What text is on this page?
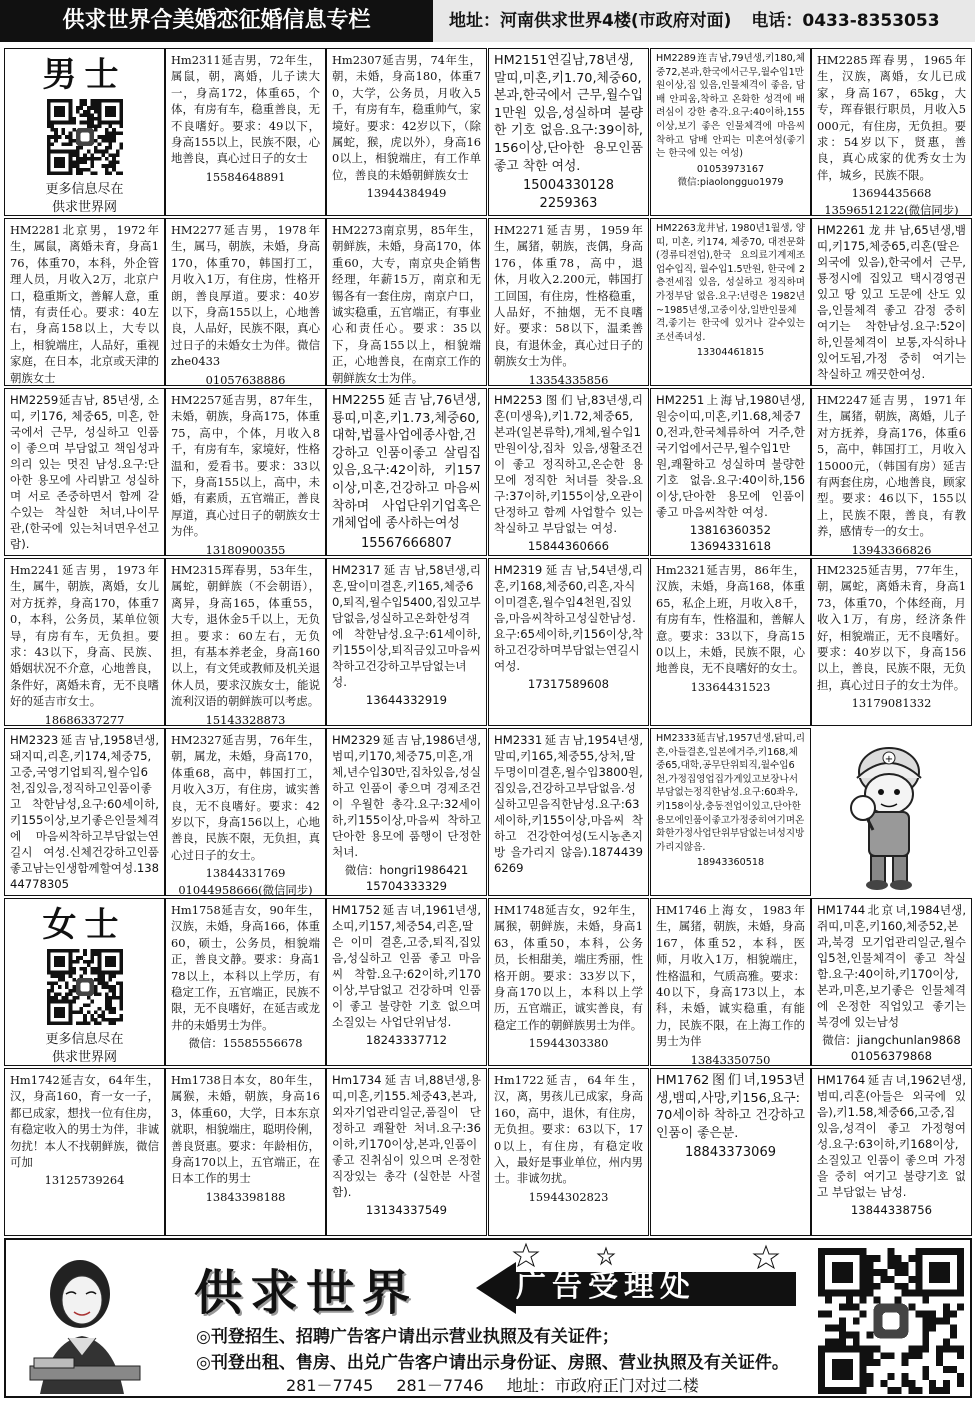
供求世界合美婚恋征婚信息专栏	地址：河南供求世界4楼(市政府对面) 电话：0433-8353053
男士
更多信息尽在
供求世界网
Hm2311延吉男，72年生，属鼠，朝，离婚，儿子读大一，身高172，体重65，个体，有房有车，稳重善良，无不良嗜好。要求：49以下，身高155以上，民族不限，心地善良，真心过日子的女士
15584648891
Hm2307延吉男，74年生，朝，未婚，身高180，体重70，大学，公务员，月收入5千，有房有车，稳重帅气，家境好。要求：42岁以下，（除属蛇，猴，虎以外），身高160以上，相貌端庄，有工作单位，善良的未婚朝鲜族女士
13944384949
HM2151연길남,78년생,말띠,미혼,키1.70,체중60,본과,한국에서 근무,월수입1만원 있음,성실하며 불량한 기호 없음.요구:39이하,156이상,단아한 용모인품 좋고 착한 여성.
15004330128
2259363
HM2289连吉남,79년생,키180,체중72,본과,한국에서근무,월수입1만원이상,집 있음,인물체격이 좋음, 담배 안피움,착하고 온화한 성격에 배려심이 강한 총각.요구:40이하,155이상,보기 좋은 인물체격에 마음씨착하고 담배 안피는 미혼여성(좋기는 한국에 있는 여성)
01053973167
微信:piaolongguo1979
HM2285珲春男，1965年生，汉族，离婚，女儿已成家，身高167，65kg，大专，珲春银行职员，月收入5000元，有住房，无负担。要求：54岁以下，贤惠，善良，真心成家的优秀女士为伴，城乡，民族不限。
13694435668
13596512122(微信同步)
HM2281北京男，1972年生，属鼠，离婚未育，身高176，体重70，本科，外企管理人员，月收入2万，北京户口，稳重斯文，善解人意，重情，有责任心。要求：40左右，身高158以上，大专以上，相貌端庄，人品好，重视家庭，在日本，北京或天津的朝族女士
HM2277延吉男，1978年生，属马，朝族，未婚，身高170，体重70，韩国打工，月收入1万，有住房，性格开朗，善良厚道。要求：40岁以下，身高155以上，心地善良，人品好，民族不限，真心过日子的未婚女士为伴。微信zhe0433
01057638886
HM2273南京男，85年生，朝鲜族，未婚，身高170，体重60，大专，南京央企销售经理，年薪15万，南京和无锡各有一套住房，南京户口，诚实稳重，五官端正，有事业心和责任心。要求：35以下，身高155以上，相貌端正，心地善良，在南京工作的朝鲜族女士为伴。
HM2271延吉男，1959年生，属猪，朝族，丧偶，身高176，体重78，高中，退休，月收入2.200元，韩国打工回国，有住房，性格稳重，人品好，不抽烟，无不良嗜好。要求：58以下，温柔善良，有退休金，真心过日子的朝族女士为伴。
13354335856
HM2263龙井남, 1980년1월생, 양띠, 미혼, 키174, 체중70, 대전문화(경류티전업),한국 요의료기계제조업수입직, 월수입1.5만원, 한국에 2층전세집 있음, 성실하고 정직하며 가정부담 없음.요구:년령은 1982년~1985년생,고중이상,일반인물체격,좋기는 한국에 있거나 갈수있는 조선족녀성.
13304461815
HM2261龙井남,65년생,뱀띠,키175,체중65,리혼(딸은 외국에 있음),한국에서 근무,룡정시에 집있고 택시경영권 있고 땅 있고 도문에 산도 있음,인물체격 좋고 감정 중히 여기는 착한남성.요구:52이하,인물체격이 보통,자식하나 있어도됨,가정 중히 여기는 착실하고 깨끗한여성.
HM2259延吉남, 85년생, 소띠, 키176, 체중65, 미혼, 한국에서 근무, 성실하고 인품이 좋으며 부담없고 책임성과의리 있는 멋진 남성.요구:단아한 용모에 사리밝고 성실하며 서로 존중하면서 함께 갈수있는 착실한 처녀,나이무관,(한국에 있는처녀면우선고람).
HM2257延吉男，87年生，未婚，朝族，身高175，体重75，高中，个体，月收入8千，有房有车，家境好，性格温和，爱看书。要求：33以下，身高155以上，高中，未婚，有素质，五官端正，善良厚道，真心过日子的朝族女士为伴。
13180900355
HM2255延吉남,76년생,룡띠,미혼,키1.73,체중60,대학,법률사업에종사함,건강하고 인품이좋고 살림집 있음,요구:42이하, 키157이상,미혼,건강하고 마음씨 착하며 사업단위기업혹은개체업에 종사하는여성
15567666807
HM2253图们남,83년생,리혼(미생육),키1.72,체중65,본과(일본류학),개체,월수입1만원이상,집차 있음,생활조건이 좋고 정직하고,온순한 용모에 정직한 처녀를 찾음.요구:37이하,키155이상,오관이 단정하고 함께 사업할수 있는 착실하고 부담없는 여성.
15844360666
HM2251上海남,1980년생,원숭이띠,미혼,키1.68,체중70,전과,한국체류하여 거주,한국기업에서근무,월수입1만원,쾌활하고 성실하며 불량한 기호 없음.요구:40이하,156이상,단아한 용모에 인품이 좋고 마음씨착한 여성.
13816360352
13694331618
HM2247延吉男，1971年生，属猪，朝族，离婚，儿子对方抚养，身高176，体重65，高中，韩国打工，月收入15000元，（韩国有房）延吉有两套住房，心地善良，顾家型。要求：46以下，155以上，民族不限，善良，有教养，感情专一的女士。
13943366826
Hm2241延吉男，1973年生，属牛，朝族，离婚，女儿对方抚养，身高170，体重70，本科，公务员，某单位领导，有房有车，无负担。要求：43以下，身高、民族、婚姻状况不介意，心地善良，条件好，离婚未育，无不良嗜好的延吉市女士。
18686337277
HM2315珲春男，53年生，属蛇，朝鲜族（不会朝语），离异，身高165，体重55，大专，退休金5千以上，无负担。要求：60左右，无负担，有基本养老金，身高160以上，有文凭或教师及机关退休人员，要求汉族女士，能说流利汉语的朝鲜族可以考虑。
15143328873
HM2317延吉남,58년생,리혼,딸이미결혼,키165,체중60,퇴직,월수입5400,집있고부담없음,성실하고온화한성격에 착한남성.요구:61세이하,키155이상,퇴직금있고마음씨착하고건강하고부담없는녀성.
13644332919
HM2319延吉남,54년생,리혼,키168,체중60,리혼,자식이미결혼,월수입4천원,집있음,마음씨착하고성실한남성.요구:65세이하,키156이상,착하고건강하며부담없는연길시여성.
17317589608
Hm2321延吉男，86年生，汉族，未婚，身高168，体重65，私企上班，月收入8千，有房有车，性格温和，善解人意。要求：33以下，身高150以上，未婚，民族不限，心地善良，无不良嗜好的女士。
13364431523
HM2325延吉男，77年生，朝，属蛇，离婚未育，身高173，体重70，个体经商，月收入1万，有房，经济条件好，相貌端正，无不良嗜好。要求：40岁以下，身高156以上，善良，民族不限，无负担，真心过日子的女士为伴。
13179081332
HM2323延吉남,1958년생,돼지띠,리혼,키174,체중75,고중,국영기업퇴직,월수입6천,집있음,정직하고인품이좋고 착한남성,요구:60세이하,키155이상,보기좋은인물체격에 마음씨착하고부담없는연길시 여성.신체건강하고인품좋고남는인생함께할여성.13844778305
HM2327延吉男，76年生，朝，属龙，未婚，身高170，体重68，高中，韩国打工，月收入3万，有住房，诚实善良，无不良嗜好。要求：42岁以下，身高156以上，心地善良，民族不限，无负担，真心过日子的女士。
13844331769
01044958666(微信同步)
HM2329延吉남,1986년생,범띠,키170,체중75,미혼,개체,년수입30만,집차있음,성실하고 인품이 좋으며 경제조건이 우월한 총각.요구:32세이하,키155이상,마음씨 착하고 단아한 용모에 품행이 단정한 처녀.
微信：hongri1986421
15704333329
HM2331延吉남,1954년생,말띠,키165,체중55,상처,딸두명이미결혼,월수입3800원,집있음,건강하고부담없음.성실하고믿음직한남성.요구:63세이하,키155이상,마음씨 착하고 건강한여성(도시농촌지방 을가리지 않음).18744396269
HM2333延吉남,1957년생,닭띠,리혼,아들결혼,일본에거주,키168,체중65,대학,공무단위퇴직,월수입6천,가정집영업집가게있고보장나서부담없는정직한남성.요구:60좌우,키158이상,충동전업이있고,단아한용모에인품이좋고가정중히여기며온화한가정사업단위부담없는녀성지방가리지않음.
18943360518
+
女士
更多信息尽在
供求世界网
Hm1758延吉女，90年生，汉族，未婚，身高166，体重60，硕士，公务员，相貌端正，善良文静。要求：身高178以上，本科以上学历，有稳定工作，五官端正，民族不限，无不良嗜好，在延吉或龙井的未婚男士为伴。
微信：15585556678
HM1752延吉녀,1961년생,소띠,키157,체중54,리혼,딸은 이미 결혼,고중,퇴직,집있음,성실하고 인품 좋고 마음씨 착함.요구:62이하,키170이상,부담없고 건강하며 인품이 좋고 불량한 기호 없으며 소질있는 사업단위남성.
18243337712
HM1748延吉女，92年生，属猴，朝鲜族，未婚，身高163，体重50，本科，公务员，长相甜美，端庄秀丽，性格开朗。要求：33岁以下，身高170以上，本科以上学历，五官端正，诚实善良，有稳定工作的朝鲜族男士为伴。
15944303380
HM1746上海女，1983年生，属猪，朝族，未婚，身高167，体重52，本科，医师，月收入1万，相貌端庄，性格温和，气质高雅。要求：40以下，身高173以上，本科，未婚，诚实稳重，有能力，民族不限，在上海工作的男士为伴
13843350750
HM1744北京녀,1984년생,쥐띠,미혼,키160,체중52,본과,북경 모기업관리일군,월수입5천,인물체격이 좋고 착실함.요구:40이하,키170이상,본과,미혼,보기좋은 인물체격에 온정한 직업있고 좋기는 북경에 있는남성
微信：jiangchunlan9868
01056379868
Hm1742延吉女，64年生，汉，身高160，育一女一子，都已成家，想找一位有住房，有稳定收入的男士为伴，非诚勿扰！本人不找朝鲜族，微信可加
13125739264
Hm1738日本女，80年生，属猴，未婚，朝族，身高163，体重60，大学，日本东京就职，相貌端庄，聪明伶俐，善良贤惠。要求：年龄相仿，身高170以上，五官端正，在日本工作的男士
13843398188
Hm1734延吉녀,88년생,용띠,미혼,키155.체중43,본과,외자기업관리일군,품질이 단정하고 쾌활한 처녀.요구:36이하,키170이상,본과,인품이좋고 진취심이 있으며 온정한 직장있는 총각 (실한분 사절함).
13134337549
Hm1722延吉，64年生，汉，离，男孩儿已成家，身高160，高中，退休，有住房，无负担。要求：63以下，170以上，有住房，有稳定收入，最好是事业单位，州内男士。非诚勿扰。
15944302823
HM1762图们녀,1953년생,뱀띠,사망,키156,요구:70세이하 착하고 건강하고 인품이 좋은분.
18843373069
HM1764延吉녀,1962년생,범띠,리혼(아들은 외국에 있음),키1.58,체중66,고중,집있음,성격이 좋고 가정형여성.요구:63이하,키168이상,소질있고 인품이 좋으며 가정을 중히 여기고 불량기호 없고 부담없는 남성.
13844338756
供求世界	广告受理处
◎刊登招生、招聘广告客户请出示营业执照及有关证件；
◎刊登出租、售房、出兑广告客户请出示身份证、房照、营业执照及有关证件。
281－7745 281－7746 地址：市政府正门对过二楼
